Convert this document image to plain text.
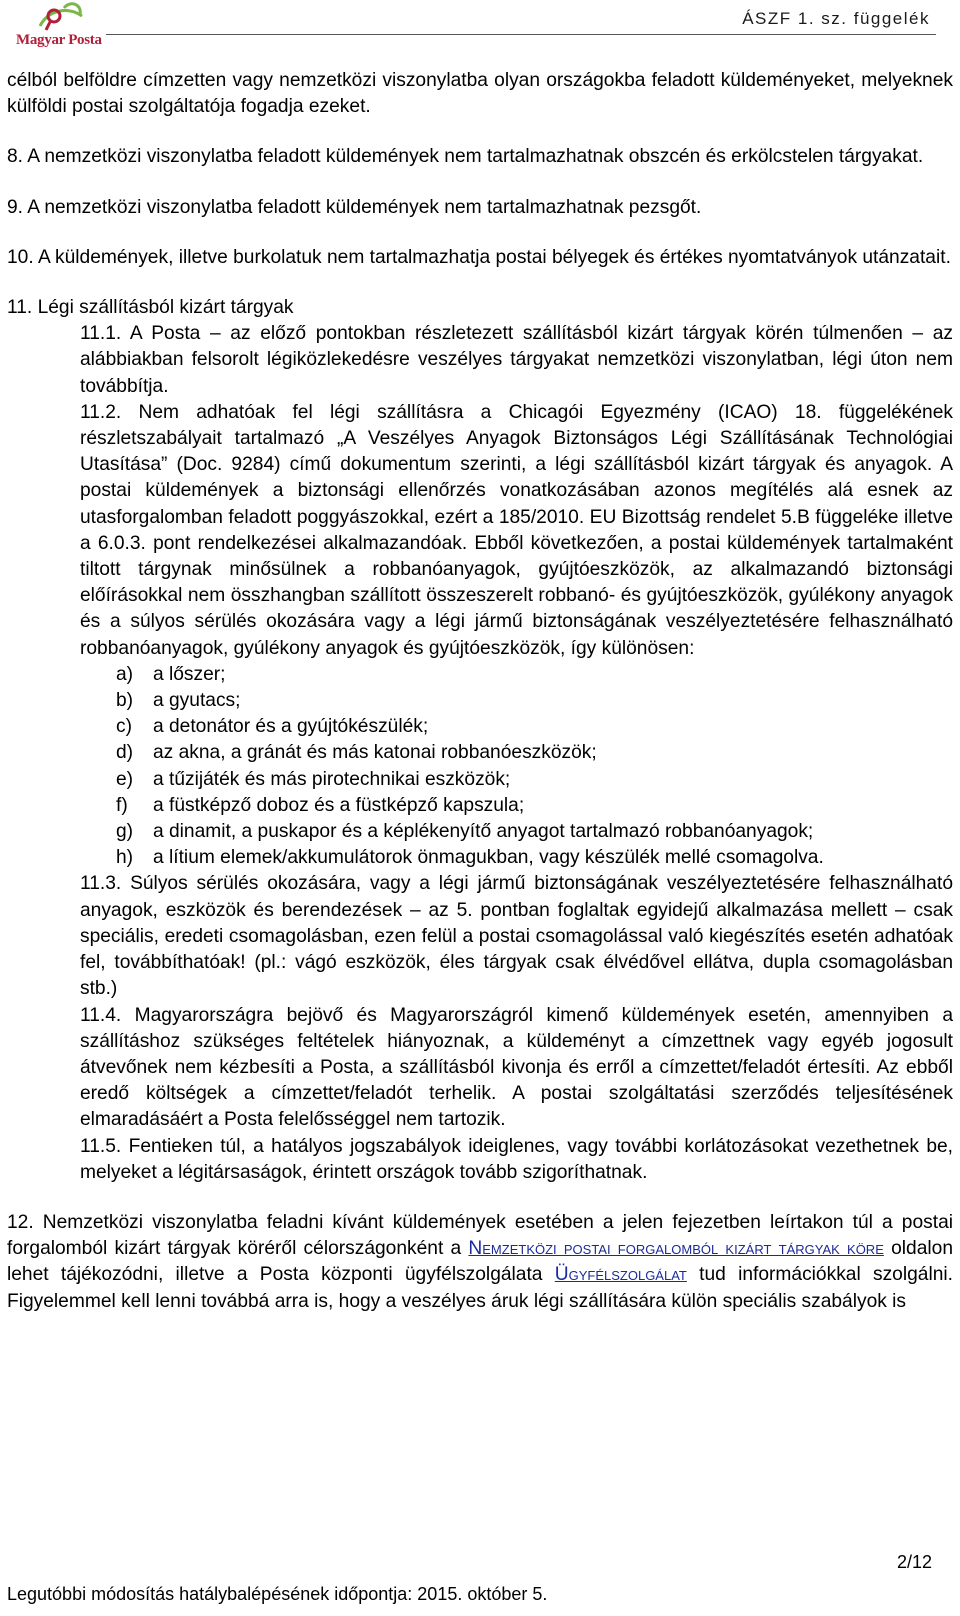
Magyar Posta
ÁSZF 1. sz. függelék

célból belföldre címzetten vagy nemzetközi viszonylatba olyan országokba feladott küldeményeket, melyeknek külföldi postai szolgáltatója fogadja ezeket.

8. A nemzetközi viszonylatba feladott küldemények nem tartalmazhatnak obszcén és erkölcstelen tárgyakat.

9. A nemzetközi viszonylatba feladott küldemények nem tartalmazhatnak pezsgőt.

10. A küldemények, illetve burkolatuk nem tartalmazhatja postai bélyegek és értékes nyomtatványok utánzatait.

11. Légi szállításból kizárt tárgyak

11.1. A Posta – az előző pontokban részletezett szállításból kizárt tárgyak körén túlmenően – az alábbiakban felsorolt légiközlekedésre veszélyes tárgyakat nemzetközi viszonylatban, légi úton nem továbbítja.

11.2. Nem adhatóak fel légi szállításra a Chicagói Egyezmény (ICAO) 18. függelékének részletszabályait tartalmazó „A Veszélyes Anyagok Biztonságos Légi Szállításának Technológiai Utasítása” (Doc. 9284) című dokumentum szerinti, a légi szállításból kizárt tárgyak és anyagok. A postai küldemények a biztonsági ellenőrzés vonatkozásában azonos megítélés alá esnek az utasforgalomban feladott poggyászokkal, ezért a 185/2010. EU Bizottság rendelet 5.B függeléke illetve a 6.0.3. pont rendelkezései alkalmazandóak. Ebből következően, a postai küldemények tartalmaként tiltott tárgynak minősülnek a robbanóanyagok, gyújtóeszközök, az alkalmazandó biztonsági előírásokkal nem összhangban szállított összeszerelt robbanó- és gyújtóeszközök, gyúlékony anyagok és a súlyos sérülés okozására vagy a légi jármű biztonságának veszélyeztetésére felhasználható robbanóanyagok, gyúlékony anyagok és gyújtóeszközök, így különösen:

a) a lőszer;
b) a gyutacs;
c) a detonátor és a gyújtókészülék;
d) az akna, a gránát és más katonai robbanóeszközök;
e) a tűzijáték és más pirotechnikai eszközök;
f) a füstképző doboz és a füstképző kapszula;
g) a dinamit, a puskapor és a képlékenyítő anyagot tartalmazó robbanóanyagok;
h) a lítium elemek/akkumulátorok önmagukban, vagy készülék mellé csomagolva.

11.3. Súlyos sérülés okozására, vagy a légi jármű biztonságának veszélyeztetésére felhasználható anyagok, eszközök és berendezések – az 5. pontban foglaltak egyidejű alkalmazása mellett – csak speciális, eredeti csomagolásban, ezen felül a postai csomagolással való kiegészítés esetén adhatóak fel, továbbíthatóak! (pl.: vágó eszközök, éles tárgyak csak élvédővel ellátva, dupla csomagolásban stb.)

11.4. Magyarországra bejövő és Magyarországról kimenő küldemények esetén, amennyiben a szállításhoz szükséges feltételek hiányoznak, a küldeményt a címzettnek vagy egyéb jogosult átvevőnek nem kézbesíti a Posta, a szállításból kivonja és erről a címzettet/feladót értesíti. Az ebből eredő költségek a címzettet/feladót terhelik. A postai szolgáltatási szerződés teljesítésének elmaradásáért a Posta felelősséggel nem tartozik.

11.5. Fentieken túl, a hatályos jogszabályok ideiglenes, vagy további korlátozásokat vezethetnek be, melyeket a légitársaságok, érintett országok tovább szigoríthatnak.

12. Nemzetközi viszonylatba feladni kívánt küldemények esetében a jelen fejezetben leírtakon túl a postai forgalomból kizárt tárgyak köréről célországonként a Nemzetközi postai forgalomból kizárt tárgyak köre oldalon lehet tájékozódni, illetve a Posta központi ügyfélszolgálata Ügyfélszolgálat tud információkkal szolgálni. Figyelemmel kell lenni továbbá arra is, hogy a veszélyes áruk légi szállítására külön speciális szabályok is

2/12
Legutóbbi módosítás hatálybalépésének időpontja: 2015. október 5.
